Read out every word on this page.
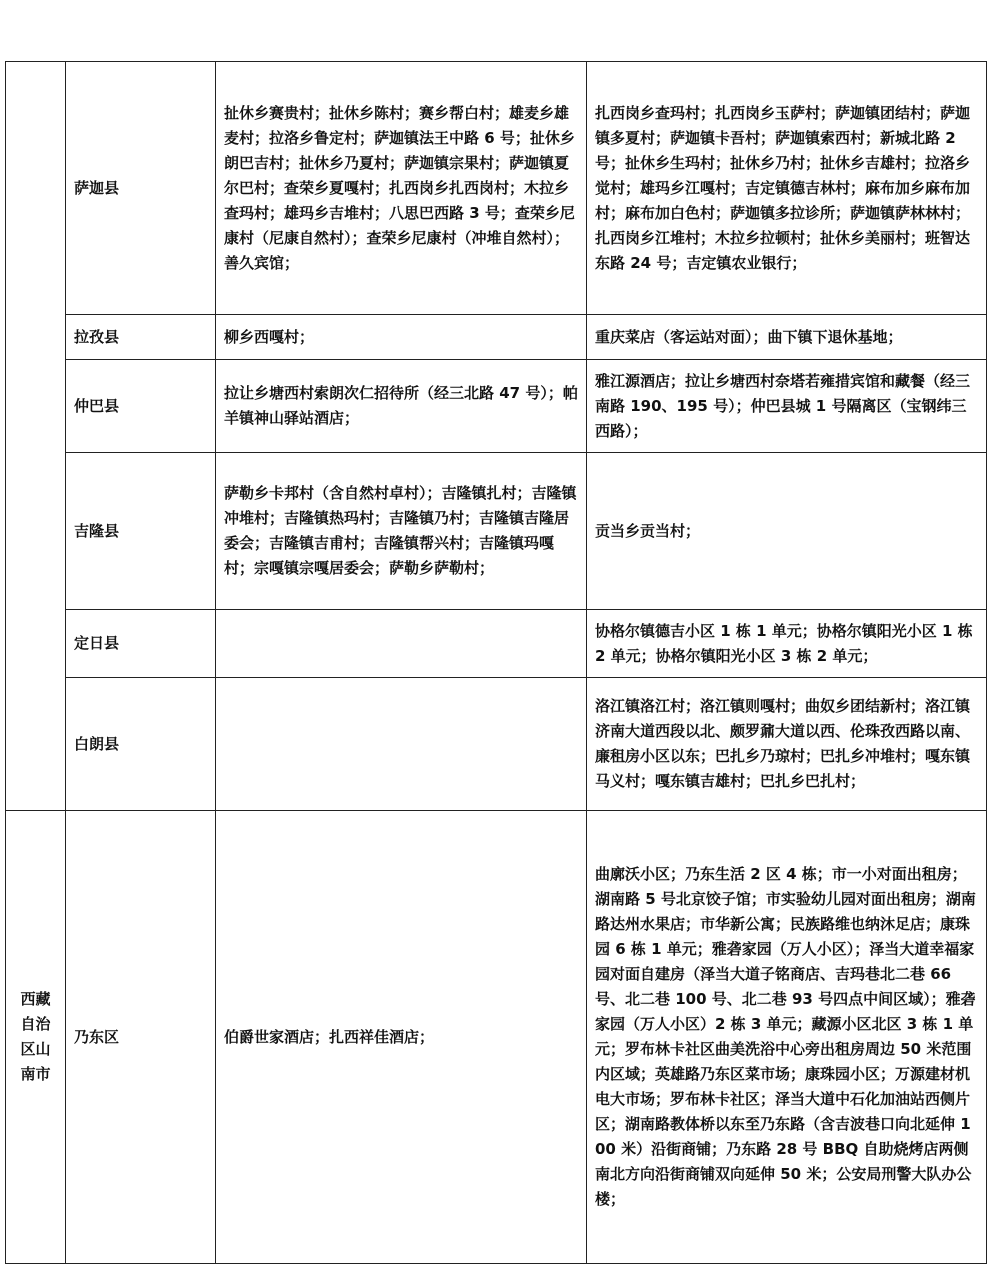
	萨迦县	扯休乡赛贵村；扯休乡陈村；赛乡帮白村；雄麦乡雄麦村；拉洛乡鲁定村；萨迦镇法王中路 6 号；扯休乡朗巴吉村；扯休乡乃夏村；萨迦镇宗果村；萨迦镇夏尔巴村；查荣乡夏嘎村；扎西岗乡扎西岗村；木拉乡查玛村；雄玛乡吉堆村；八思巴西路 3 号；查荣乡尼康村（尼康自然村）；查荣乡尼康村（冲堆自然村）；善久宾馆；	扎西岗乡查玛村；扎西岗乡玉萨村；萨迦镇团结村；萨迦镇多夏村；萨迦镇卡吾村；萨迦镇索西村；新城北路 2 号；扯休乡生玛村；扯休乡乃村；扯休乡吉雄村；拉洛乡觉村；雄玛乡江嘎村；吉定镇德吉林村；麻布加乡麻布加村；麻布加白色村；萨迦镇多拉诊所；萨迦镇萨林林村；扎西岗乡江堆村；木拉乡拉顿村；扯休乡美丽村；班智达东路 24 号；吉定镇农业银行；
	拉孜县	柳乡西嘎村；	重庆菜店（客运站对面）；曲下镇下退休基地；
	仲巴县	拉让乡塘西村索朗次仁招待所（经三北路 47 号）；帕羊镇神山驿站酒店；	雅江源酒店；拉让乡塘西村奈塔若雍措宾馆和藏餐（经三南路 190、195 号）；仲巴县城 1 号隔离区（宝钢纬三西路）；
	吉隆县	萨勒乡卡邦村（含自然村卓村）；吉隆镇扎村；吉隆镇冲堆村；吉隆镇热玛村；吉隆镇乃村；吉隆镇吉隆居委会；吉隆镇吉甫村；吉隆镇帮兴村；吉隆镇玛嘎村；宗嘎镇宗嘎居委会；萨勒乡萨勒村；	贡当乡贡当村；
	定日县		协格尔镇德吉小区 1 栋 1 单元；协格尔镇阳光小区 1 栋 2 单元；协格尔镇阳光小区 3 栋 2 单元；
	白朗县		洛江镇洛江村；洛江镇则嘎村；曲奴乡团结新村；洛江镇济南大道西段以北、颇罗鼐大道以西、伦珠孜西路以南、廉租房小区以东；巴扎乡乃琼村；巴扎乡冲堆村；嘎东镇马义村；嘎东镇吉雄村；巴扎乡巴扎村；
西藏自治区山南市	乃东区	伯爵世家酒店；扎西祥佳酒店；	曲廓沃小区；乃东生活 2 区 4 栋；市一小对面出租房；湖南路 5 号北京饺子馆；市实验幼儿园对面出租房；湖南路达州水果店；市华新公寓；民族路维也纳沐足店；康珠园 6 栋 1 单元；雅砻家园（万人小区）；泽当大道幸福家园对面自建房（泽当大道子铭商店、吉玛巷北二巷 66 号、北二巷 100 号、北二巷 93 号四点中间区域）；雅砻家园（万人小区）2 栋 3 单元；藏源小区北区 3 栋 1 单元；罗布林卡社区曲美洗浴中心旁出租房周边 50 米范围内区域；英雄路乃东区菜市场；康珠园小区；万源建材机电大市场；罗布林卡社区；泽当大道中石化加油站西侧片区；湖南路教体桥以东至乃东路（含吉波巷口向北延伸 100 米）沿街商铺；乃东路 28 号 BBQ 自助烧烤店两侧南北方向沿街商铺双向延伸 50 米；公安局刑警大队办公楼；
